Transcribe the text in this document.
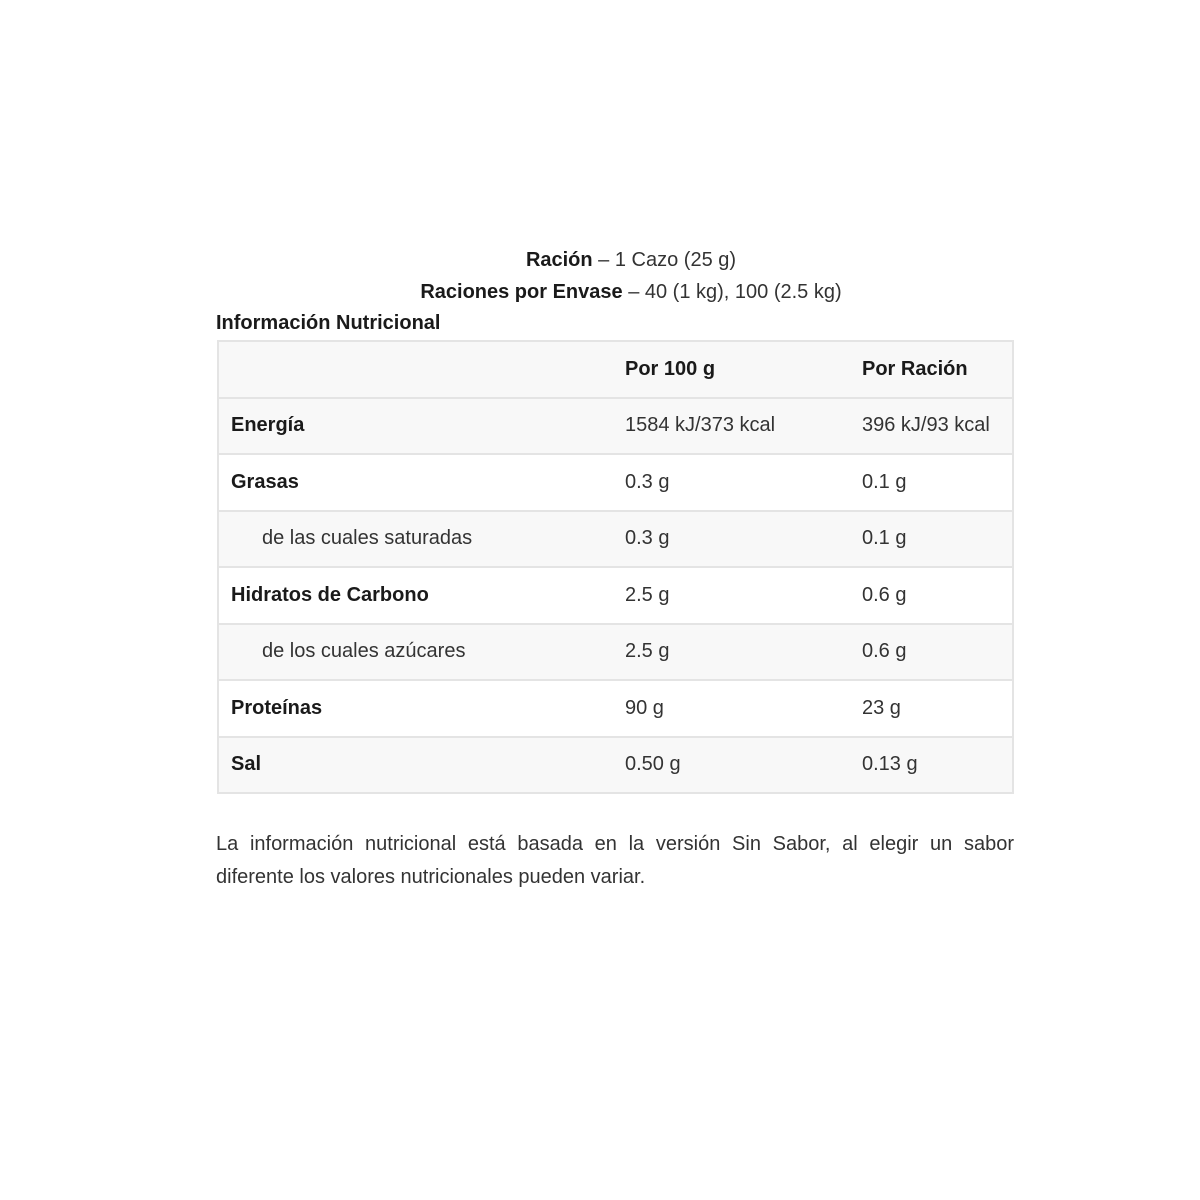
Ración – 1 Cazo (25 g)
Raciones por Envase – 40 (1 kg), 100 (2.5 kg)
Información Nutricional
	Por 100 g	Por Ración
Energía	1584 kJ/373 kcal	396 kJ/93 kcal
Grasas	0.3 g	0.1 g
de las cuales saturadas	0.3 g	0.1 g
Hidratos de Carbono	2.5 g	0.6 g
de los cuales azúcares	2.5 g	0.6 g
Proteínas	90 g	23 g
Sal	0.50 g	0.13 g

La información nutricional está basada en la versión Sin Sabor, al elegir un sabor diferente los valores nutricionales pueden variar.
